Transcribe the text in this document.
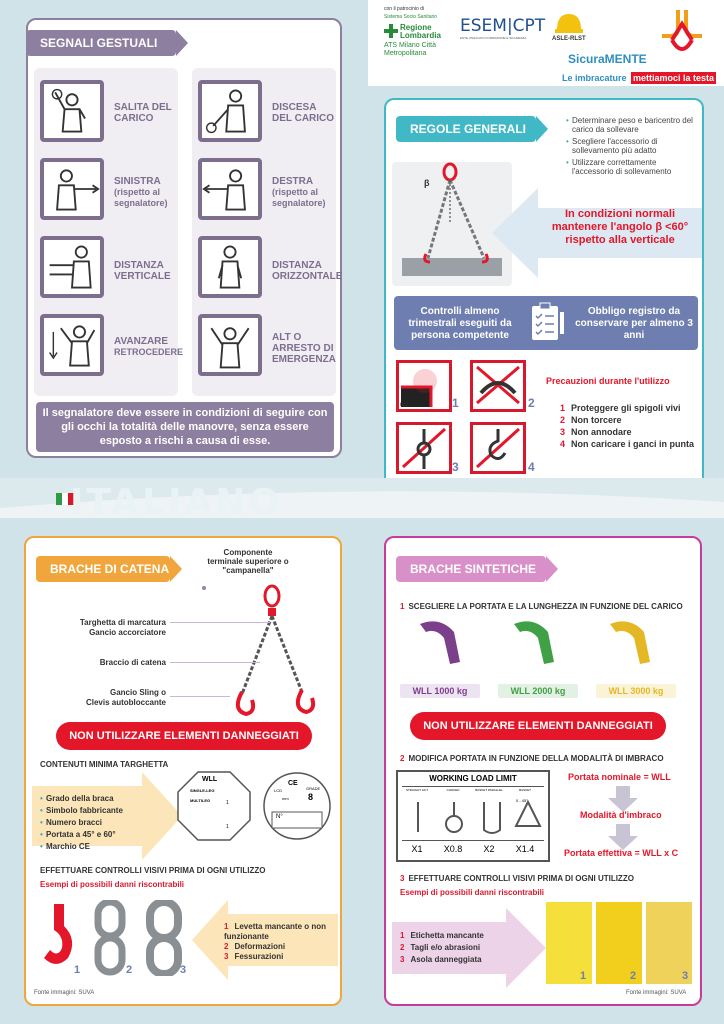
SEGNALI GESTUALI
SALITA DEL CARICO
SINISTRA
(rispetto al segnalatore)
DISTANZA VERTICALE
AVANZARE
RETROCEDERE
DISCESA DEL CARICO
DESTRA
(rispetto al segnalatore)
DISTANZA ORIZZONTALE
ALT O ARRESTO DI EMERGENZA
Il segnalatore deve essere in condizioni di seguire con gli occhi la totalità delle manovre, senza essere esposto a rischi a causa di esse.
con il patrocinio di
Sistema Socio Sanitario
Regione Lombardia
ATS Milano Città Metropolitana
ESEM|CPT
ENTE UNIFICATO FORMAZIONE E SICUREZZA	ASLE-RLST
SicuraMENTE
Le imbracature mettiamoci la testa
REGOLE GENERALI
• Determinare peso e baricentro del carico da sollevare
• Scegliere l'accessorio di sollevamento più adatto
• Utilizzare correttamente l'accessorio di sollevamento
β
In condizioni normali mantenere l'angolo β <60° rispetto alla verticale
Controlli almeno trimestrali eseguiti da persona competente
Obbligo registro da conservare per almeno 3 anni
r≥d	1	2
3	4
Precauzioni durante l'utilizzo
1 Proteggere gli spigoli vivi
2 Non torcere
3 Non annodare
4 Non caricare i ganci in punta
ITALIANO
BRACHE DI CATENA
Componente terminale superiore o "campanella"
Targhetta di marcatura
Gancio accorciatore
Braccio di catena
Gancio Sling o
Clevis autobloccante
NON UTILIZZARE ELEMENTI DANNEGGIATI
CONTENUTI MINIMA TARGHETTA
• Grado della braca
• Simbolo fabbricante
• Numero bracci
• Portata a 45° e 60°
• Marchio CE
WLL
SINGLE-LEG
MULTILEG	1
1
CE
GRADE
8
LCD
mm
N°
EFFETTUARE CONTROLLI VISIVI PRIMA DI OGNI UTILIZZO
Esempi di possibili danni riscontrabili
1	2	3
1 Levetta mancante o non funzionante
2 Deformazioni
3 Fessurazioni
Fonte immagini: SUVA
BRACHE SINTETICHE
1 SCEGLIERE LA PORTATA E LA LUNGHEZZA IN FUNZIONE DEL CARICO
WLL 1000 kg	WLL 2000 kg	WLL 3000 kg
NON UTILIZZARE ELEMENTI DANNEGGIATI
2 MODIFICA PORTATA IN FUNZIONE DELLA MODALITÀ DI IMBRACO
WORKING LOAD LIMIT
STRAIGHT LIFT	CHOKED	BASKET PARALLEL	BASKET
0 - 45°
X1	X0.8	X2	X1.4
Portata nominale = WLL
Modalità d'imbraco
Portata effettiva = WLL x C
3 EFFETTUARE CONTROLLI VISIVI PRIMA DI OGNI UTILIZZO
Esempi di possibili danni riscontrabili
1 Etichetta mancante
2 Tagli e/o abrasioni
3 Asola danneggiata
1	2	3
Fonte immagini: SUVA
